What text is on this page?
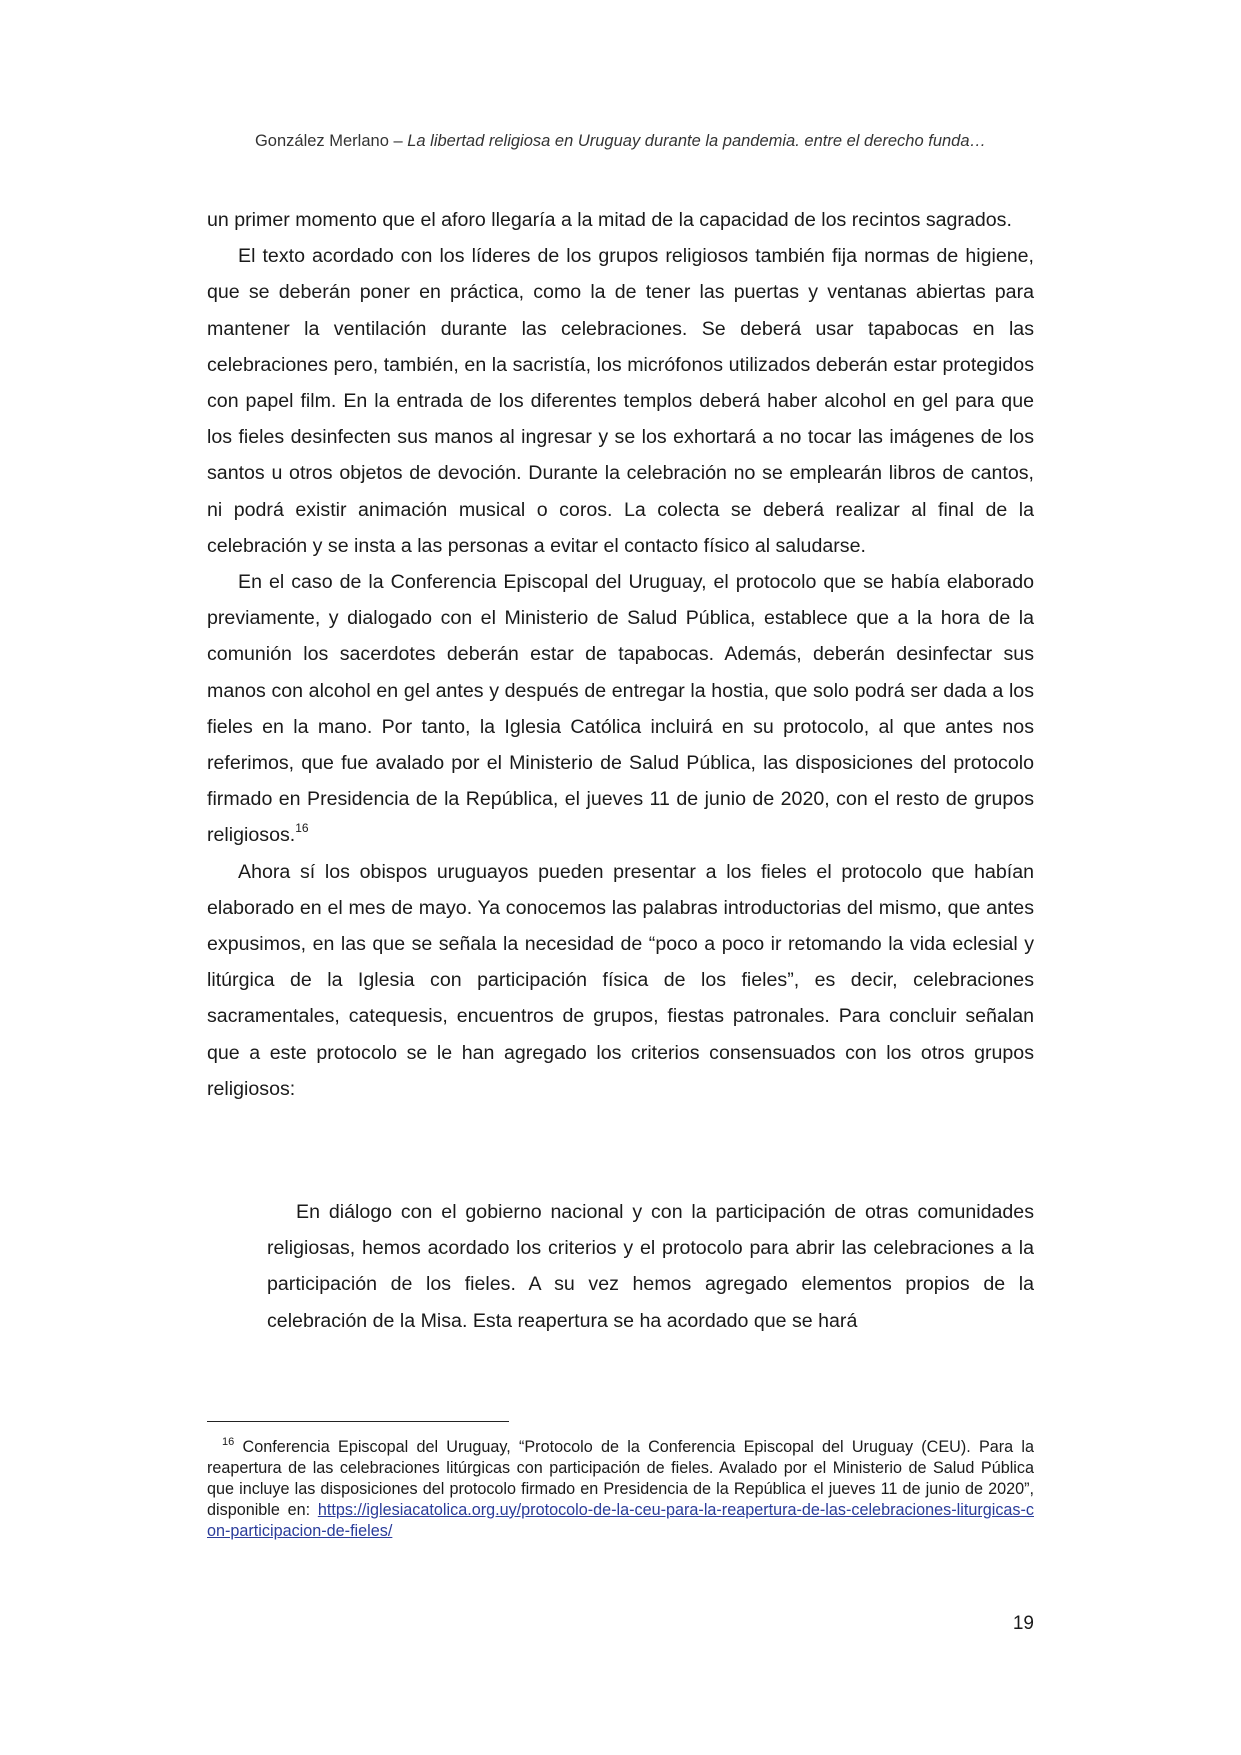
González Merlano – La libertad religiosa en Uruguay durante la pandemia. entre el derecho funda…

un primer momento que el aforo llegaría a la mitad de la capacidad de los recintos sagrados.

El texto acordado con los líderes de los grupos religiosos también fija normas de higiene, que se deberán poner en práctica, como la de tener las puertas y ventanas abiertas para mantener la ventilación durante las celebraciones. Se deberá usar tapabocas en las celebraciones pero, también, en la sacristía, los micrófonos utilizados deberán estar protegidos con papel film. En la entrada de los diferentes templos deberá haber alcohol en gel para que los fieles desinfecten sus manos al ingresar y se los exhortará a no tocar las imágenes de los santos u otros objetos de devoción. Durante la celebración no se emplearán libros de cantos, ni podrá existir animación musical o coros. La colecta se deberá realizar al final de la celebración y se insta a las personas a evitar el contacto físico al saludarse.

En el caso de la Conferencia Episcopal del Uruguay, el protocolo que se había elaborado previamente, y dialogado con el Ministerio de Salud Pública, establece que a la hora de la comunión los sacerdotes deberán estar de tapabocas. Además, deberán desinfectar sus manos con alcohol en gel antes y después de entregar la hostia, que solo podrá ser dada a los fieles en la mano. Por tanto, la Iglesia Católica incluirá en su protocolo, al que antes nos referimos, que fue avalado por el Ministerio de Salud Pública, las disposiciones del protocolo firmado en Presidencia de la República, el jueves 11 de junio de 2020, con el resto de grupos religiosos.$^{16}$

Ahora sí los obispos uruguayos pueden presentar a los fieles el protocolo que habían elaborado en el mes de mayo. Ya conocemos las palabras introductorias del mismo, que antes expusimos, en las que se señala la necesidad de “poco a poco ir retomando la vida eclesial y litúrgica de la Iglesia con participación física de los fieles”, es decir, celebraciones sacramentales, catequesis, encuentros de grupos, fiestas patronales. Para concluir señalan que a este protocolo se le han agregado los criterios consensuados con los otros grupos religiosos:

En diálogo con el gobierno nacional y con la participación de otras comunidades religiosas, hemos acordado los criterios y el protocolo para abrir las celebraciones a la participación de los fieles. A su vez hemos agregado elementos propios de la celebración de la Misa. Esta reapertura se ha acordado que se hará

$^{16}$ Conferencia Episcopal del Uruguay, “Protocolo de la Conferencia Episcopal del Uruguay (CEU). Para la reapertura de las celebraciones litúrgicas con participación de fieles. Avalado por el Ministerio de Salud Pública que incluye las disposiciones del protocolo firmado en Presidencia de la República el jueves 11 de junio de 2020”, disponible en: https://iglesiacatolica.org.uy/protocolo-de-la-ceu-para-la-reapertura-de-las-celebraciones-liturgicas-con-participacion-de-fieles/

19
